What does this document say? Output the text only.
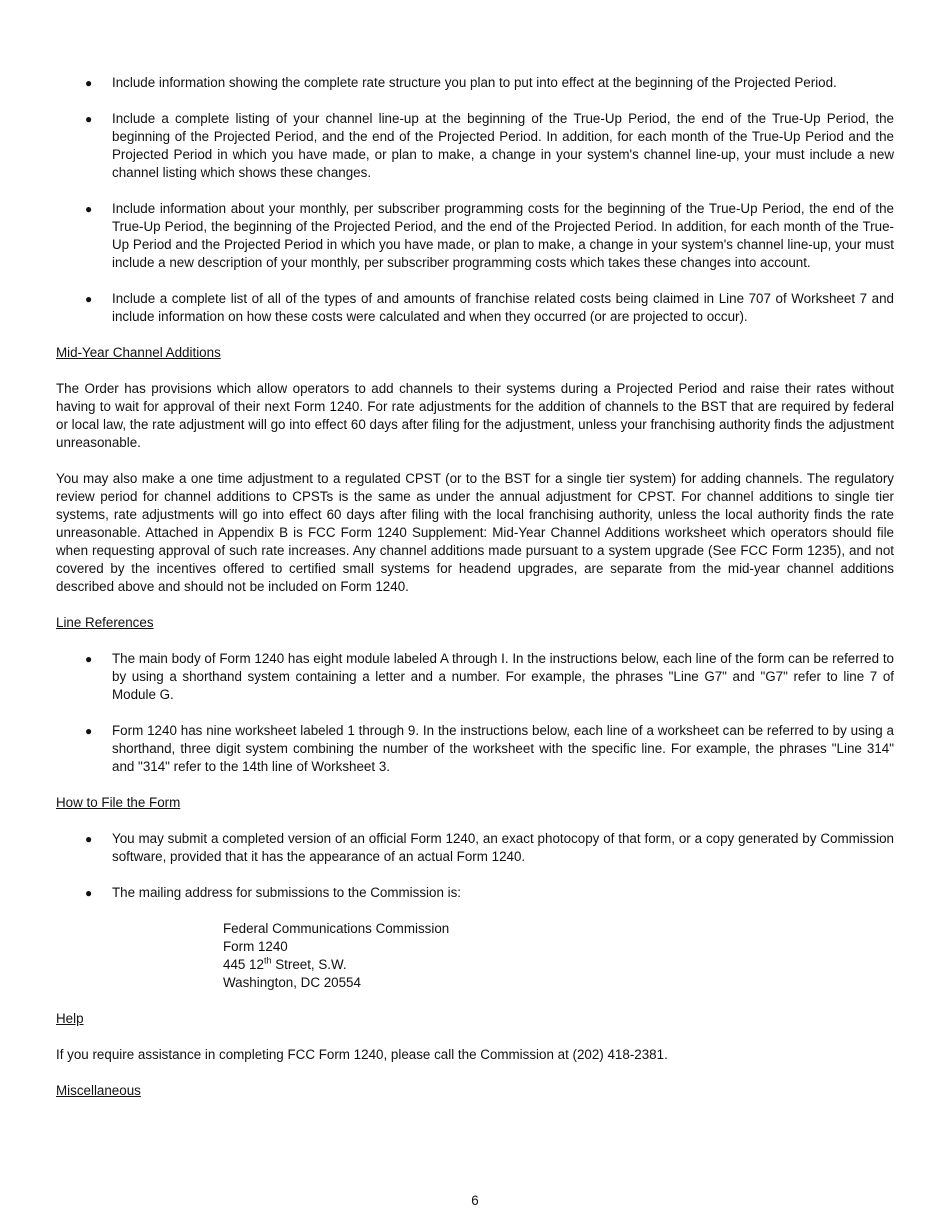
● Include information showing the complete rate structure you plan to put into effect at the beginning of the Projected Period.
● Include a complete listing of your channel line-up at the beginning of the True-Up Period, the end of the True-Up Period, the beginning of the Projected Period, and the end of the Projected Period. In addition, for each month of the True-Up Period and the Projected Period in which you have made, or plan to make, a change in your system's channel line-up, your must include a new channel listing which shows these changes.
● Include information about your monthly, per subscriber programming costs for the beginning of the True-Up Period, the end of the True-Up Period, the beginning of the Projected Period, and the end of the Projected Period. In addition, for each month of the True-Up Period and the Projected Period in which you have made, or plan to make, a change in your system's channel line-up, your must include a new description of your monthly, per subscriber programming costs which takes these changes into account.
● Include a complete list of all of the types of and amounts of franchise related costs being claimed in Line 707 of Worksheet 7 and include information on how these costs were calculated and when they occurred (or are projected to occur).
Mid-Year Channel Additions

The Order has provisions which allow operators to add channels to their systems during a Projected Period and raise their rates without having to wait for approval of their next Form 1240. For rate adjustments for the addition of channels to the BST that are required by federal or local law, the rate adjustment will go into effect 60 days after filing for the adjustment, unless your franchising authority finds the adjustment unreasonable.

You may also make a one time adjustment to a regulated CPST (or to the BST for a single tier system) for adding channels. The regulatory review period for channel additions to CPSTs is the same as under the annual adjustment for CPST. For channel additions to single tier systems, rate adjustments will go into effect 60 days after filing with the local franchising authority, unless the local authority finds the rate unreasonable. Attached in Appendix B is FCC Form 1240 Supplement: Mid-Year Channel Additions worksheet which operators should file when requesting approval of such rate increases. Any channel additions made pursuant to a system upgrade (See FCC Form 1235), and not covered by the incentives offered to certified small systems for headend upgrades, are separate from the mid-year channel additions described above and should not be included on Form 1240.

Line References
● The main body of Form 1240 has eight module labeled A through I. In the instructions below, each line of the form can be referred to by using a shorthand system containing a letter and a number. For example, the phrases "Line G7" and "G7" refer to line 7 of Module G.
● Form 1240 has nine worksheet labeled 1 through 9. In the instructions below, each line of a worksheet can be referred to by using a shorthand, three digit system combining the number of the worksheet with the specific line. For example, the phrases "Line 314" and "314" refer to the 14th line of Worksheet 3.
How to File the Form
● You may submit a completed version of an official Form 1240, an exact photocopy of that form, or a copy generated by Commission software, provided that it has the appearance of an actual Form 1240.
● The mailing address for submissions to the Commission is:
Federal Communications Commission
Form 1240
445 12th Street, S.W.
Washington, DC 20554
Help

If you require assistance in completing FCC Form 1240, please call the Commission at (202) 418-2381.

Miscellaneous
6
